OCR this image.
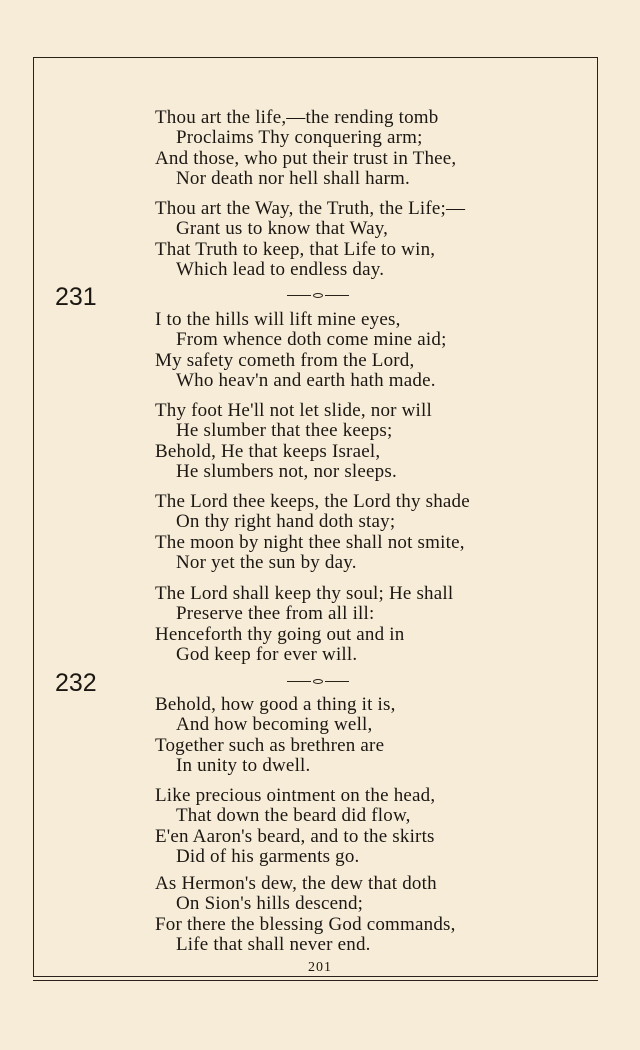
Thou art the life,—the rending tomb
Proclaims Thy conquering arm;
And those, who put their trust in Thee,
Nor death nor hell shall harm.
Thou art the Way, the Truth, the Life;—
Grant us to know that Way,
That Truth to keep, that Life to win,
Which lead to endless day.
231
I to the hills will lift mine eyes,
From whence doth come mine aid;
My safety cometh from the Lord,
Who heav'n and earth hath made.
Thy foot He'll not let slide, nor will
He slumber that thee keeps;
Behold, He that keeps Israel,
He slumbers not, nor sleeps.
The Lord thee keeps, the Lord thy shade
On thy right hand doth stay;
The moon by night thee shall not smite,
Nor yet the sun by day.
The Lord shall keep thy soul; He shall
Preserve thee from all ill:
Henceforth thy going out and in
God keep for ever will.
232
Behold, how good a thing it is,
And how becoming well,
Together such as brethren are
In unity to dwell.
Like precious ointment on the head,
That down the beard did flow,
E'en Aaron's beard, and to the skirts
Did of his garments go.
As Hermon's dew, the dew that doth
On Sion's hills descend;
For there the blessing God commands,
Life that shall never end.
201
